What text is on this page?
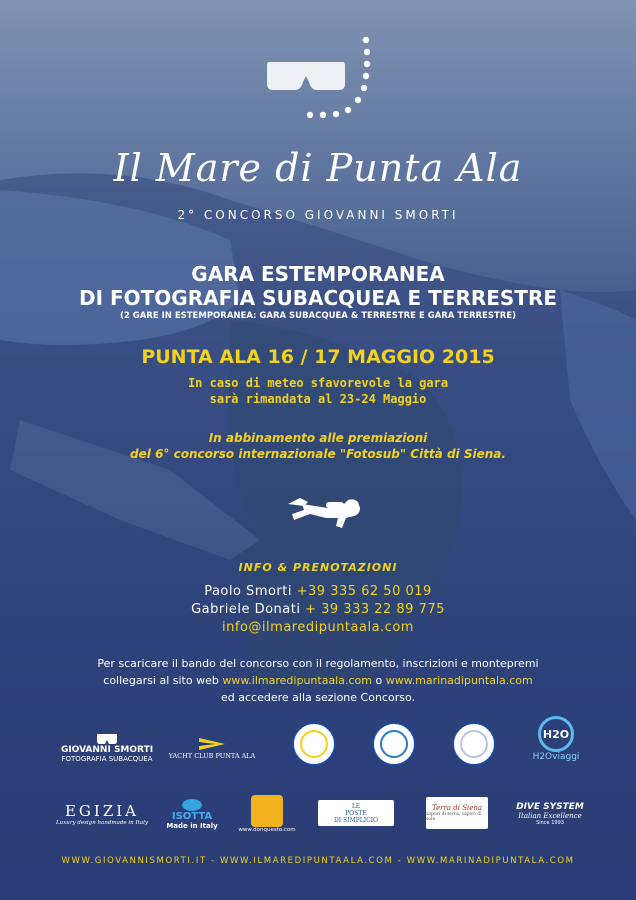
Il Mare di Punta Ala
2° CONCORSO GIOVANNI SMORTI
GARA ESTEMPORANEA
DI FOTOGRAFIA SUBACQUEA E TERRESTRE
(2 GARE IN ESTEMPORANEA: GARA SUBACQUEA & TERRESTRE E GARA TERRESTRE)
PUNTA ALA 16 / 17 MAGGIO 2015
In caso di meteo sfavorevole la gara
sarà rimandata al 23-24 Maggio
In abbinamento alle premiazioni
del 6° concorso internazionale "Fotosub" Città di Siena.
INFO & PRENOTAZIONI
Paolo Smorti +39 335 62 50 019
Gabriele Donati + 39 333 22 89 775
info@ilmaredipuntaala.com
Per scaricare il bando del concorso con il regolamento, inscrizioni e montepremi
collegarsi al sito web www.ilmaredipuntaala.com o www.marinadipuntala.com
ed accedere alla sezione Concorso.
GIOVANNI SMORTI
FOTOGRAFIA SUBACQUEA YACHT CLUB PUNTA ALA
H2O
H2Oviaggi
EGIZIA
Luxury design handmade in Italy
ISOTTA
Made in Italy
www.donquesto.com
LE
POSTE
DI SIMPLICIO
Terra di Siena
sapori di terra, sapori di sole
DIVE SYSTEM
Italian Excellence
Since 1993
WWW.GIOVANNISMORTI.IT - WWW.ILMAREDIPUNTAALA.COM - WWW.MARINADIPUNTALA.COM
